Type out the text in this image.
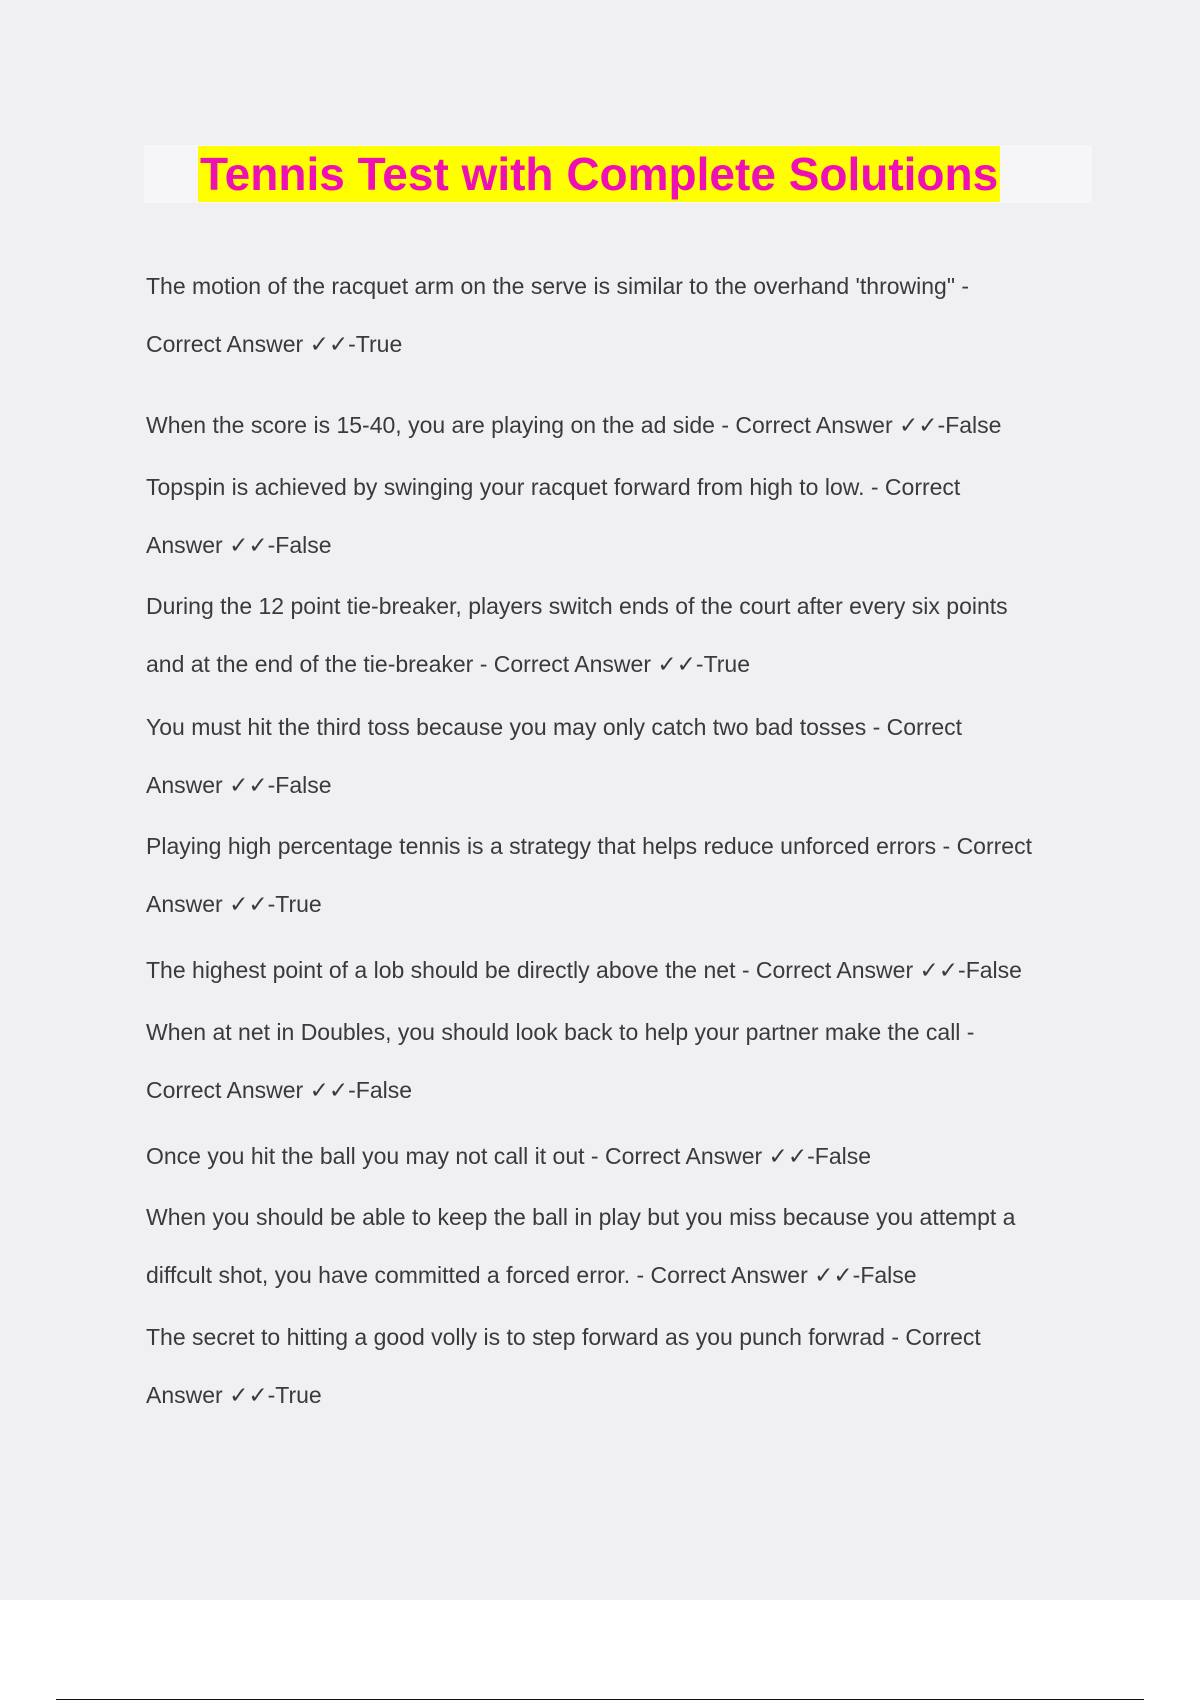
Tennis Test with Complete Solutions
The motion of the racquet arm on the serve is similar to the overhand 'throwing" -
Correct Answer ✓✓-True
When the score is 15-40, you are playing on the ad side - Correct Answer ✓✓-False
Topspin is achieved by swinging your racquet forward from high to low. - Correct
Answer ✓✓-False
During the 12 point tie-breaker, players switch ends of the court after every six points
and at the end of the tie-breaker - Correct Answer ✓✓-True
You must hit the third toss because you may only catch two bad tosses - Correct
Answer ✓✓-False
Playing high percentage tennis is a strategy that helps reduce unforced errors - Correct
Answer ✓✓-True
The highest point of a lob should be directly above the net - Correct Answer ✓✓-False
When at net in Doubles, you should look back to help your partner make the call -
Correct Answer ✓✓-False
Once you hit the ball you may not call it out - Correct Answer ✓✓-False
When you should be able to keep the ball in play but you miss because you attempt a
diffcult shot, you have committed a forced error. - Correct Answer ✓✓-False
The secret to hitting a good volly is to step forward as you punch forwrad - Correct
Answer ✓✓-True
